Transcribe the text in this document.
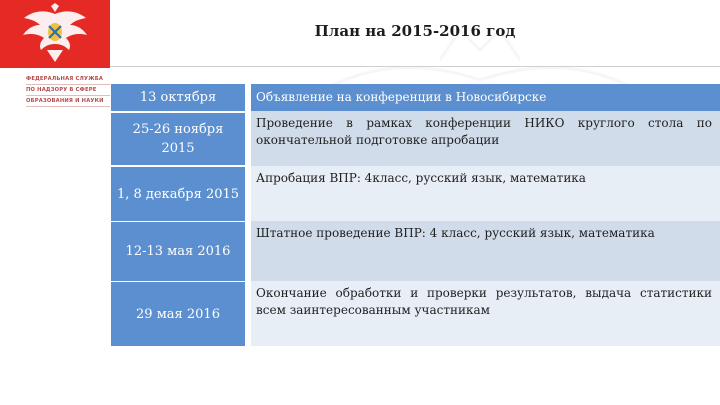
ФЕДЕРАЛЬНАЯ СЛУЖБА
ПО НАДЗОРУ В СФЕРЕ
ОБРАЗОВАНИЯ И НАУКИ
План на 2015-2016 год
13 октября	Объявление на конференции в Новосибирске
25-26 ноября 2015
Проведение в рамках конференции НИКО круглого стола по окончательной подготовке апробации
1, 8 декабря 2015
Апробация ВПР: 4класс, русский язык, математика
12-13 мая 2016
Штатное проведение ВПР: 4 класс, русский язык, математика
29 мая 2016
Окончание обработки и проверки результатов, выдача статистики всем заинтересованным участникам
